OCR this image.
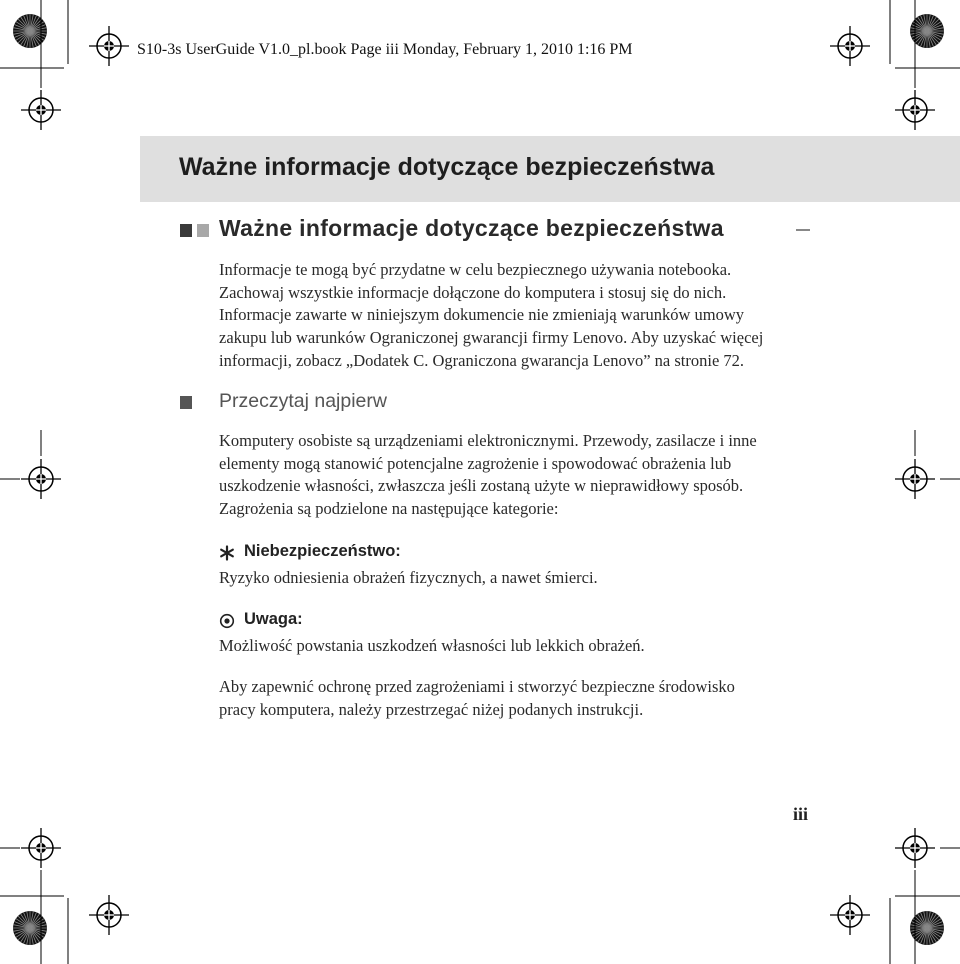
S10-3s UserGuide V1.0_pl.book Page iii Monday, February 1, 2010 1:16 PM
Ważne informacje dotyczące bezpieczeństwa
Ważne informacje dotyczące bezpieczeństwa

Informacje te mogą być przydatne w celu bezpiecznego używania notebooka.

Zachowaj wszystkie informacje dołączone do komputera i stosuj się do nich.

Informacje zawarte w niniejszym dokumencie nie zmieniają warunków umowy

zakupu lub warunków Ograniczonej gwarancji firmy Lenovo. Aby uzyskać więcej

informacji, zobacz „Dodatek C. Ograniczona gwarancja Lenovo” na stronie 72.

Przeczytaj najpierw

Komputery osobiste są urządzeniami elektronicznymi. Przewody, zasilacze i inne

elementy mogą stanowić potencjalne zagrożenie i spowodować obrażenia lub

uszkodzenie własności, zwłaszcza jeśli zostaną użyte w nieprawidłowy sposób.

Zagrożenia są podzielone na następujące kategorie:

Niebezpieczeństwo:

Ryzyko odniesienia obrażeń fizycznych, a nawet śmierci.

Uwaga:

Możliwość powstania uszkodzeń własności lub lekkich obrażeń.

Aby zapewnić ochronę przed zagrożeniami i stworzyć bezpieczne środowisko

pracy komputera, należy przestrzegać niżej podanych instrukcji.

iii
